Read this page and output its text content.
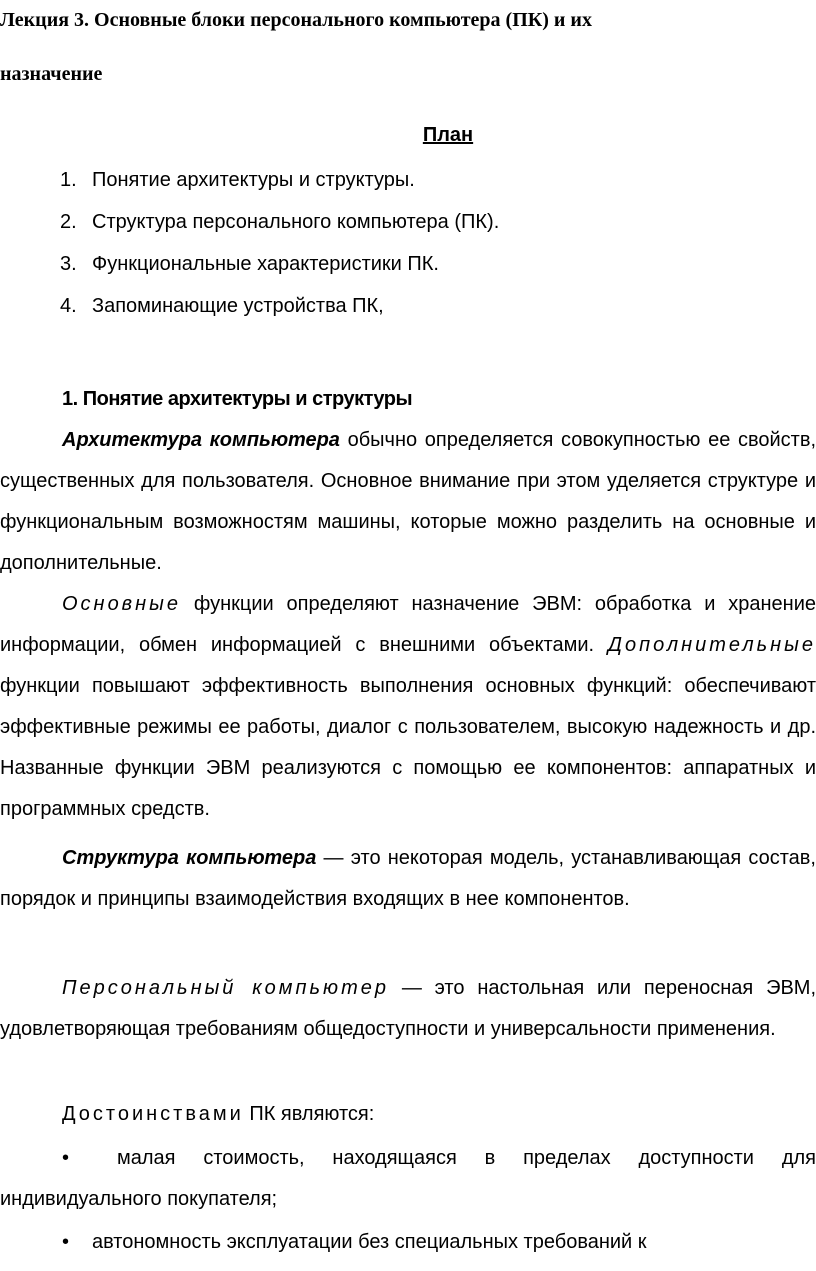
Лекция 3. Основные блоки персонального компьютера (ПК) и их

назначение

План

1. Понятие архитектуры и структуры.
2. Структура персонального компьютера (ПК).
3. Функциональные характеристики ПК.
4. Запоминающие устройства ПК,

1. Понятие архитектуры и структуры

Архитектура компьютера обычно определяется совокупностью ее свойств, существенных для пользователя. Основное внимание при этом уделяется структуре и функциональным возможностям машины, которые можно разделить на основные и дополнительные.

Основные функции определяют назначение ЭВМ: обработка и хранение информации, обмен информацией с внешними объектами. Дополнительные функции повышают эффективность выполнения основных функций: обеспечивают эффективные режимы ее работы, диалог с пользователем, высокую надежность и др. Названные функции ЭВМ реализуются с помощью ее компонентов: аппаратных и программных средств.

Структура компьютера — это некоторая модель, устанавливающая состав, порядок и принципы взаимодействия входящих в нее компонентов.

Персональный компьютер — это настольная или переносная ЭВМ, удовлетворяющая требованиям общедоступности и универсальности применения.

Достоинствами ПК являются:

• малая стоимость, находящаяся в пределах доступности для индивидуального покупателя;

• автономность эксплуатации без специальных требований к
